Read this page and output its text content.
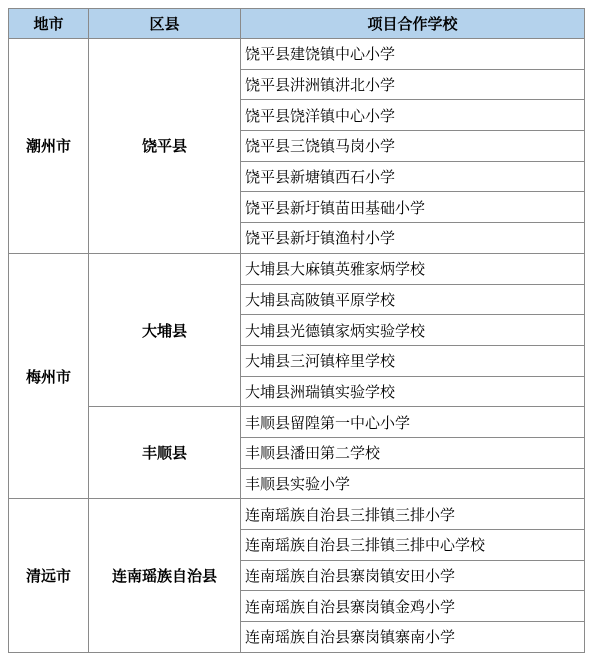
地市	区县	项目合作学校
潮州市	饶平县	饶平县建饶镇中心小学
		饶平县汫洲镇汫北小学
		饶平县饶洋镇中心小学
		饶平县三饶镇马岗小学
		饶平县新塘镇西石小学
		饶平县新圩镇苗田基础小学
		饶平县新圩镇渔村小学
梅州市	大埔县	大埔县大麻镇英雅家炳学校
		大埔县高陂镇平原学校
		大埔县光德镇家炳实验学校
		大埔县三河镇梓里学校
		大埔县洲瑞镇实验学校
	丰顺县	丰顺县留隍第一中心小学
		丰顺县潘田第二学校
		丰顺县实验小学
清远市	连南瑶族自治县	连南瑶族自治县三排镇三排小学
		连南瑶族自治县三排镇三排中心学校
		连南瑶族自治县寨岗镇安田小学
		连南瑶族自治县寨岗镇金鸡小学
		连南瑶族自治县寨岗镇寨南小学
